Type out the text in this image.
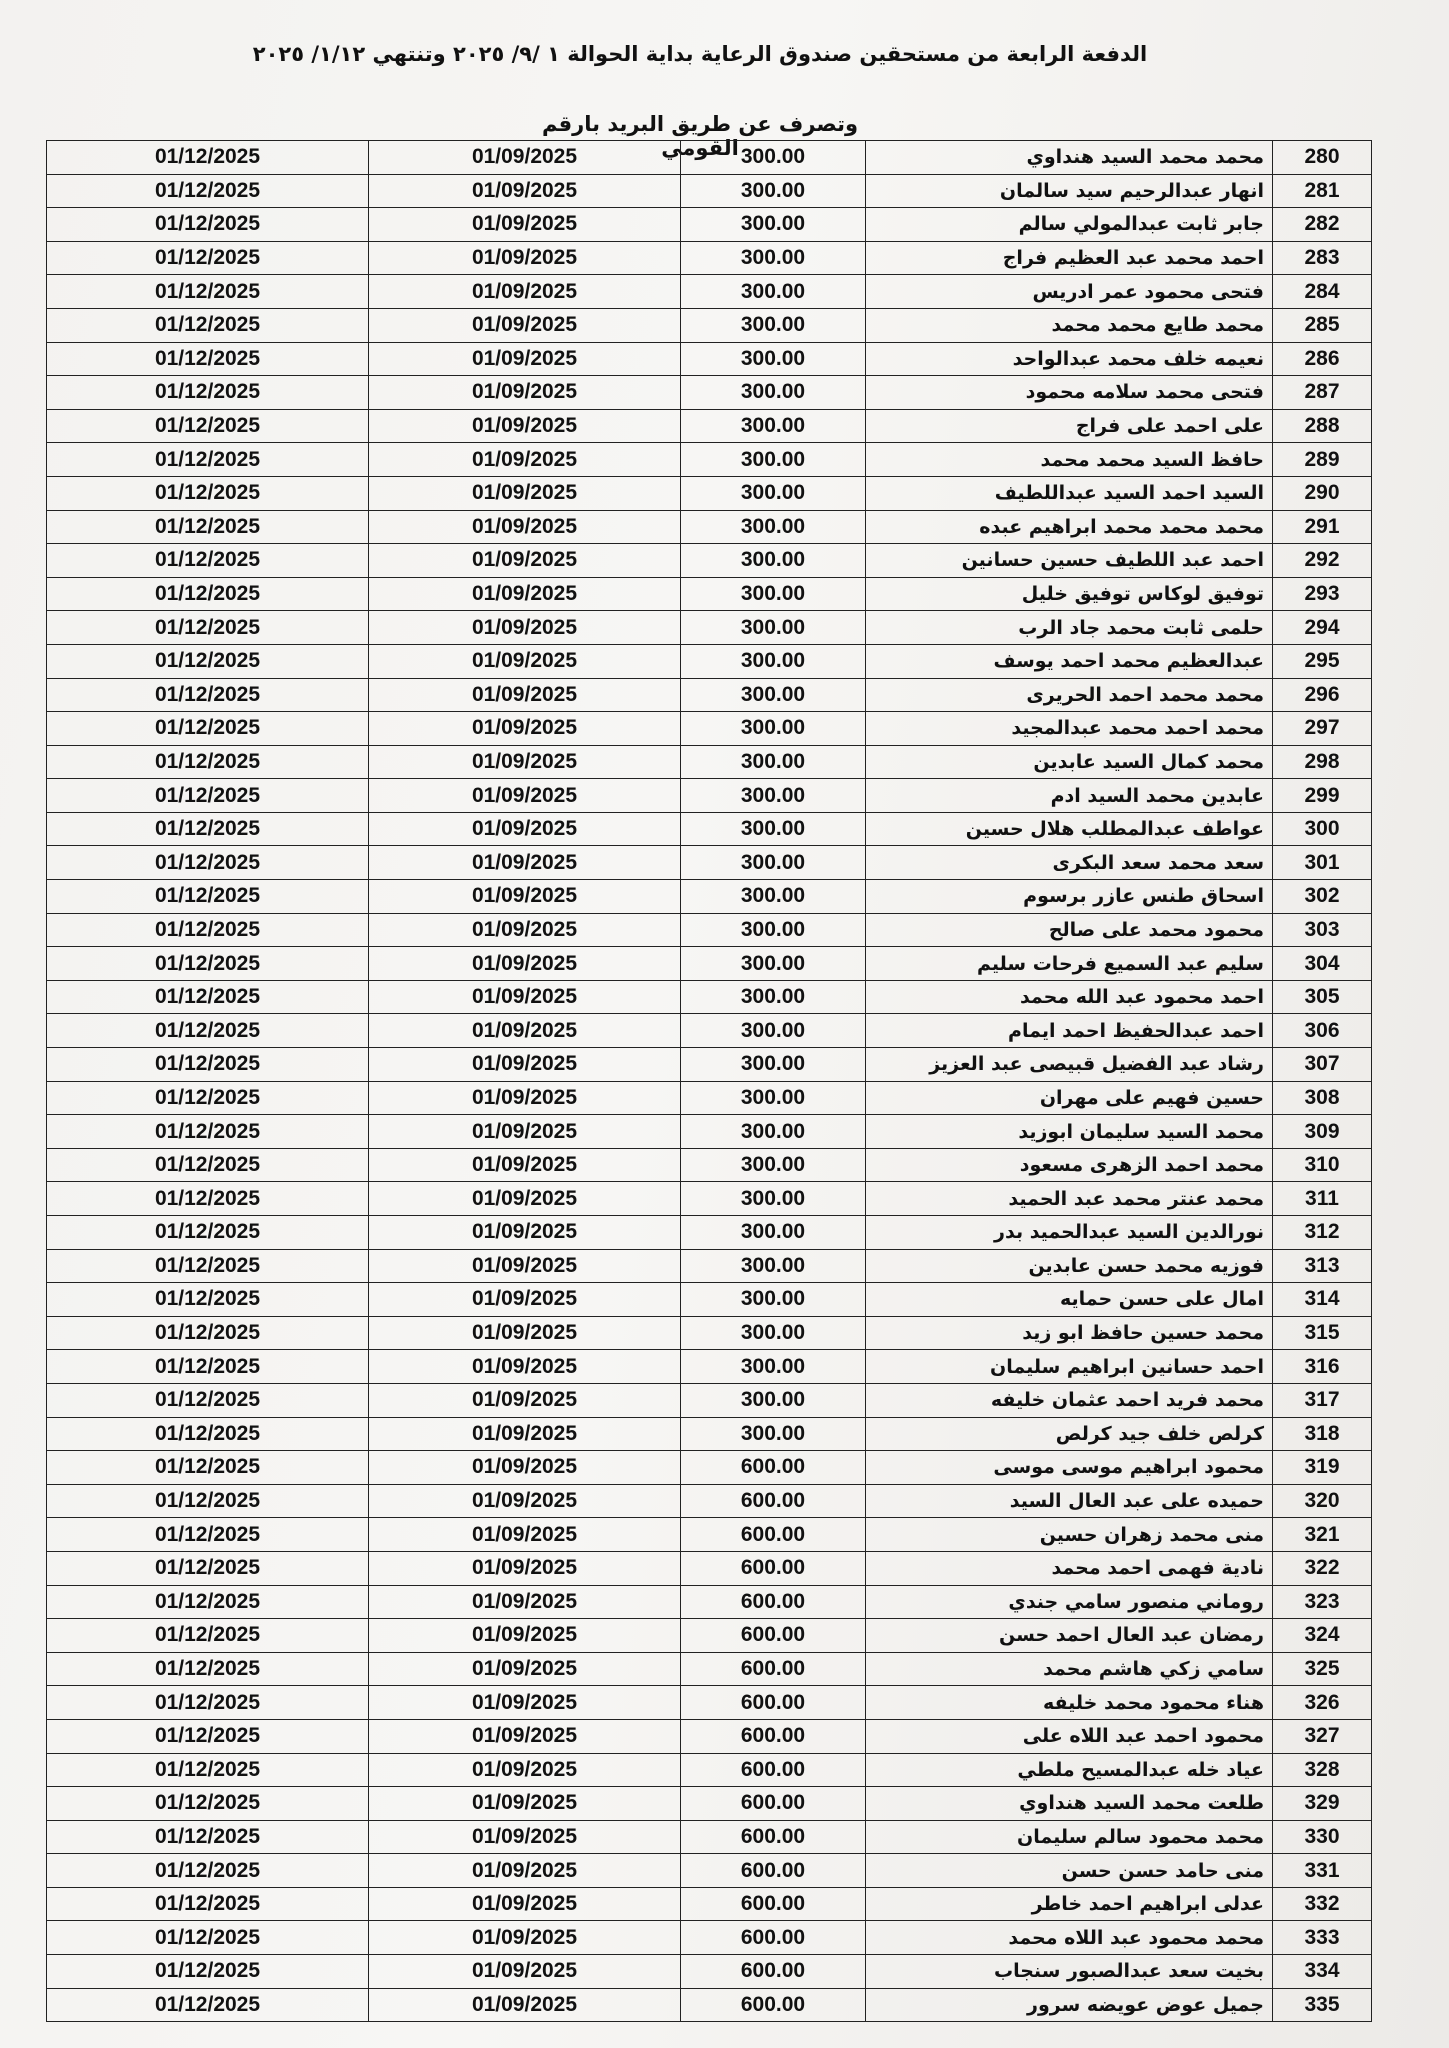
الدفعة الرابعة من مستحقين صندوق الرعاية بداية الحوالة ١ /٩/ ٢٠٢٥ وتنتهي ١/١٢/ ٢٠٢٥
وتصرف عن طريق البريد بارقم القومي
01/12/2025	01/09/2025	300.00	محمد محمد السيد هنداوي	280
01/12/2025	01/09/2025	300.00	انهار عبدالرحيم سيد سالمان	281
01/12/2025	01/09/2025	300.00	جابر ثابت عبدالمولي سالم	282
01/12/2025	01/09/2025	300.00	احمد محمد عبد العظيم فراج	283
01/12/2025	01/09/2025	300.00	فتحى محمود عمر ادريس	284
01/12/2025	01/09/2025	300.00	محمد طايع محمد محمد	285
01/12/2025	01/09/2025	300.00	نعيمه خلف محمد عبدالواحد	286
01/12/2025	01/09/2025	300.00	فتحى محمد سلامه محمود	287
01/12/2025	01/09/2025	300.00	على احمد على فراج	288
01/12/2025	01/09/2025	300.00	حافظ السيد محمد محمد	289
01/12/2025	01/09/2025	300.00	السيد احمد السيد عبداللطيف	290
01/12/2025	01/09/2025	300.00	محمد محمد محمد ابراهيم عبده	291
01/12/2025	01/09/2025	300.00	احمد عبد اللطيف حسين حسانين	292
01/12/2025	01/09/2025	300.00	توفيق لوكاس توفيق خليل	293
01/12/2025	01/09/2025	300.00	حلمى ثابت محمد جاد الرب	294
01/12/2025	01/09/2025	300.00	عبدالعظيم محمد احمد يوسف	295
01/12/2025	01/09/2025	300.00	محمد محمد احمد الحريرى	296
01/12/2025	01/09/2025	300.00	محمد احمد محمد عبدالمجيد	297
01/12/2025	01/09/2025	300.00	محمد كمال السيد عابدين	298
01/12/2025	01/09/2025	300.00	عابدين محمد السيد ادم	299
01/12/2025	01/09/2025	300.00	عواطف عبدالمطلب هلال حسين	300
01/12/2025	01/09/2025	300.00	سعد محمد سعد البكرى	301
01/12/2025	01/09/2025	300.00	اسحاق طنس عازر برسوم	302
01/12/2025	01/09/2025	300.00	محمود محمد على صالح	303
01/12/2025	01/09/2025	300.00	سليم عبد السميع فرحات سليم	304
01/12/2025	01/09/2025	300.00	احمد محمود عبد الله محمد	305
01/12/2025	01/09/2025	300.00	احمد عبدالحفيظ احمد ايمام	306
01/12/2025	01/09/2025	300.00	رشاد عبد الفضيل قبيصى عبد العزيز	307
01/12/2025	01/09/2025	300.00	حسين فهيم على مهران	308
01/12/2025	01/09/2025	300.00	محمد السيد سليمان ابوزيد	309
01/12/2025	01/09/2025	300.00	محمد احمد الزهرى مسعود	310
01/12/2025	01/09/2025	300.00	محمد عنتر محمد عبد الحميد	311
01/12/2025	01/09/2025	300.00	نورالدين السيد عبدالحميد بدر	312
01/12/2025	01/09/2025	300.00	فوزيه محمد حسن عابدين	313
01/12/2025	01/09/2025	300.00	امال على حسن حمايه	314
01/12/2025	01/09/2025	300.00	محمد حسين حافظ ابو زيد	315
01/12/2025	01/09/2025	300.00	احمد حسانين ابراهيم سليمان	316
01/12/2025	01/09/2025	300.00	محمد فريد احمد عثمان خليفه	317
01/12/2025	01/09/2025	300.00	كرلص خلف جيد كرلص	318
01/12/2025	01/09/2025	600.00	محمود ابراهيم موسى موسى	319
01/12/2025	01/09/2025	600.00	حميده على عبد العال السيد	320
01/12/2025	01/09/2025	600.00	منى محمد زهران حسين	321
01/12/2025	01/09/2025	600.00	نادية فهمى احمد محمد	322
01/12/2025	01/09/2025	600.00	روماني منصور سامي جندي	323
01/12/2025	01/09/2025	600.00	رمضان عبد العال احمد حسن	324
01/12/2025	01/09/2025	600.00	سامي زكي هاشم محمد	325
01/12/2025	01/09/2025	600.00	هناء محمود محمد خليفه	326
01/12/2025	01/09/2025	600.00	محمود احمد عبد اللاه على	327
01/12/2025	01/09/2025	600.00	عياد خله عبدالمسيح ملطي	328
01/12/2025	01/09/2025	600.00	طلعت محمد السيد هنداوي	329
01/12/2025	01/09/2025	600.00	محمد محمود سالم سليمان	330
01/12/2025	01/09/2025	600.00	منى حامد حسن حسن	331
01/12/2025	01/09/2025	600.00	عدلى ابراهيم احمد خاطر	332
01/12/2025	01/09/2025	600.00	محمد محمود عبد اللاه محمد	333
01/12/2025	01/09/2025	600.00	بخيت سعد عبدالصبور سنجاب	334
01/12/2025	01/09/2025	600.00	جميل عوض عويضه سرور	335
